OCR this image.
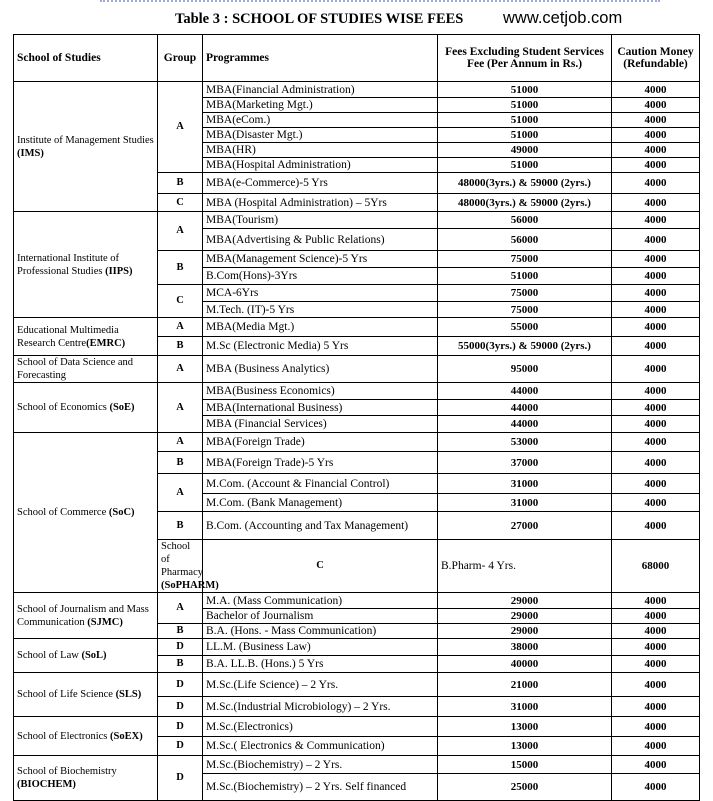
Table 3 : SCHOOL OF STUDIES WISE FEES www.cetjob.com
School of Studies	Group	Programmes	Fees Excluding Student Services Fee (Per Annum in Rs.)	Caution Money (Refundable)	
Institute of Management Studies (IMS)	A	MBA(Financial Administration)	51000	4000	
		MBA(Marketing Mgt.)	51000	4000	
		MBA(eCom.)	51000	4000	
		MBA(Disaster Mgt.)	51000	4000	
		MBA(HR)	49000	4000	
		MBA(Hospital Administration)	51000	4000	
	B	MBA(e-Commerce)-5 Yrs	48000(3yrs.) & 59000 (2yrs.)	4000	
	C	MBA (Hospital Administration) – 5Yrs	48000(3yrs.) & 59000 (2yrs.)	4000	
International Institute of Professional Studies (IIPS)	A	MBA(Tourism)	56000	4000	
		MBA(Advertising & Public Relations)	56000	4000	
	B	MBA(Management Science)-5 Yrs	75000	4000	
		B.Com(Hons)-3Yrs	51000	4000	
	C	MCA-6Yrs	75000	4000	
		M.Tech. (IT)-5 Yrs	75000	4000	
Educational Multimedia Research Centre(EMRC)	A	MBA(Media Mgt.)	55000	4000	
	B	M.Sc (Electronic Media) 5 Yrs	55000(3yrs.) & 59000 (2yrs.)	4000	
School of Data Science and Forecasting	A	MBA (Business Analytics)	95000	4000	
School of Economics (SoE)	A	MBA(Business Economics)	44000	4000	
		MBA(International Business)	44000	4000	
		MBA (Financial Services)	44000	4000	
School of Commerce (SoC)	A	MBA(Foreign Trade)	53000	4000	
	B	MBA(Foreign Trade)-5 Yrs	37000	4000	
	A	M.Com. (Account & Financial Control)	31000	4000	
		M.Com. (Bank Management)	31000	4000	
	B	B.Com. (Accounting and Tax Management)	27000	4000	
	School of Pharmacy (SoPHARM)	C	B.Pharm- 4 Yrs.	68000	
School of Journalism and Mass Communication (SJMC)	A	M.A. (Mass Communication)	29000	4000	
		Bachelor of Journalism	29000	4000	
	B	B.A. (Hons. - Mass Communication)	29000	4000	
School of Law (SoL)	D	LL.M. (Business Law)	38000	4000	
	B	B.A. LL.B. (Hons.) 5 Yrs	40000	4000	
School of Life Science (SLS)	D	M.Sc.(Life Science) – 2 Yrs.	21000	4000	
	D	M.Sc.(Industrial Microbiology) – 2 Yrs.	31000	4000	
School of Electronics (SoEX)	D	M.Sc.(Electronics)	13000	4000	
	D	M.Sc.( Electronics & Communication)	13000	4000	
School of Biochemistry (BIOCHEM)	D	M.Sc.(Biochemistry) – 2 Yrs.	15000	4000	
		M.Sc.(Biochemistry) – 2 Yrs. Self financed	25000	4000	
